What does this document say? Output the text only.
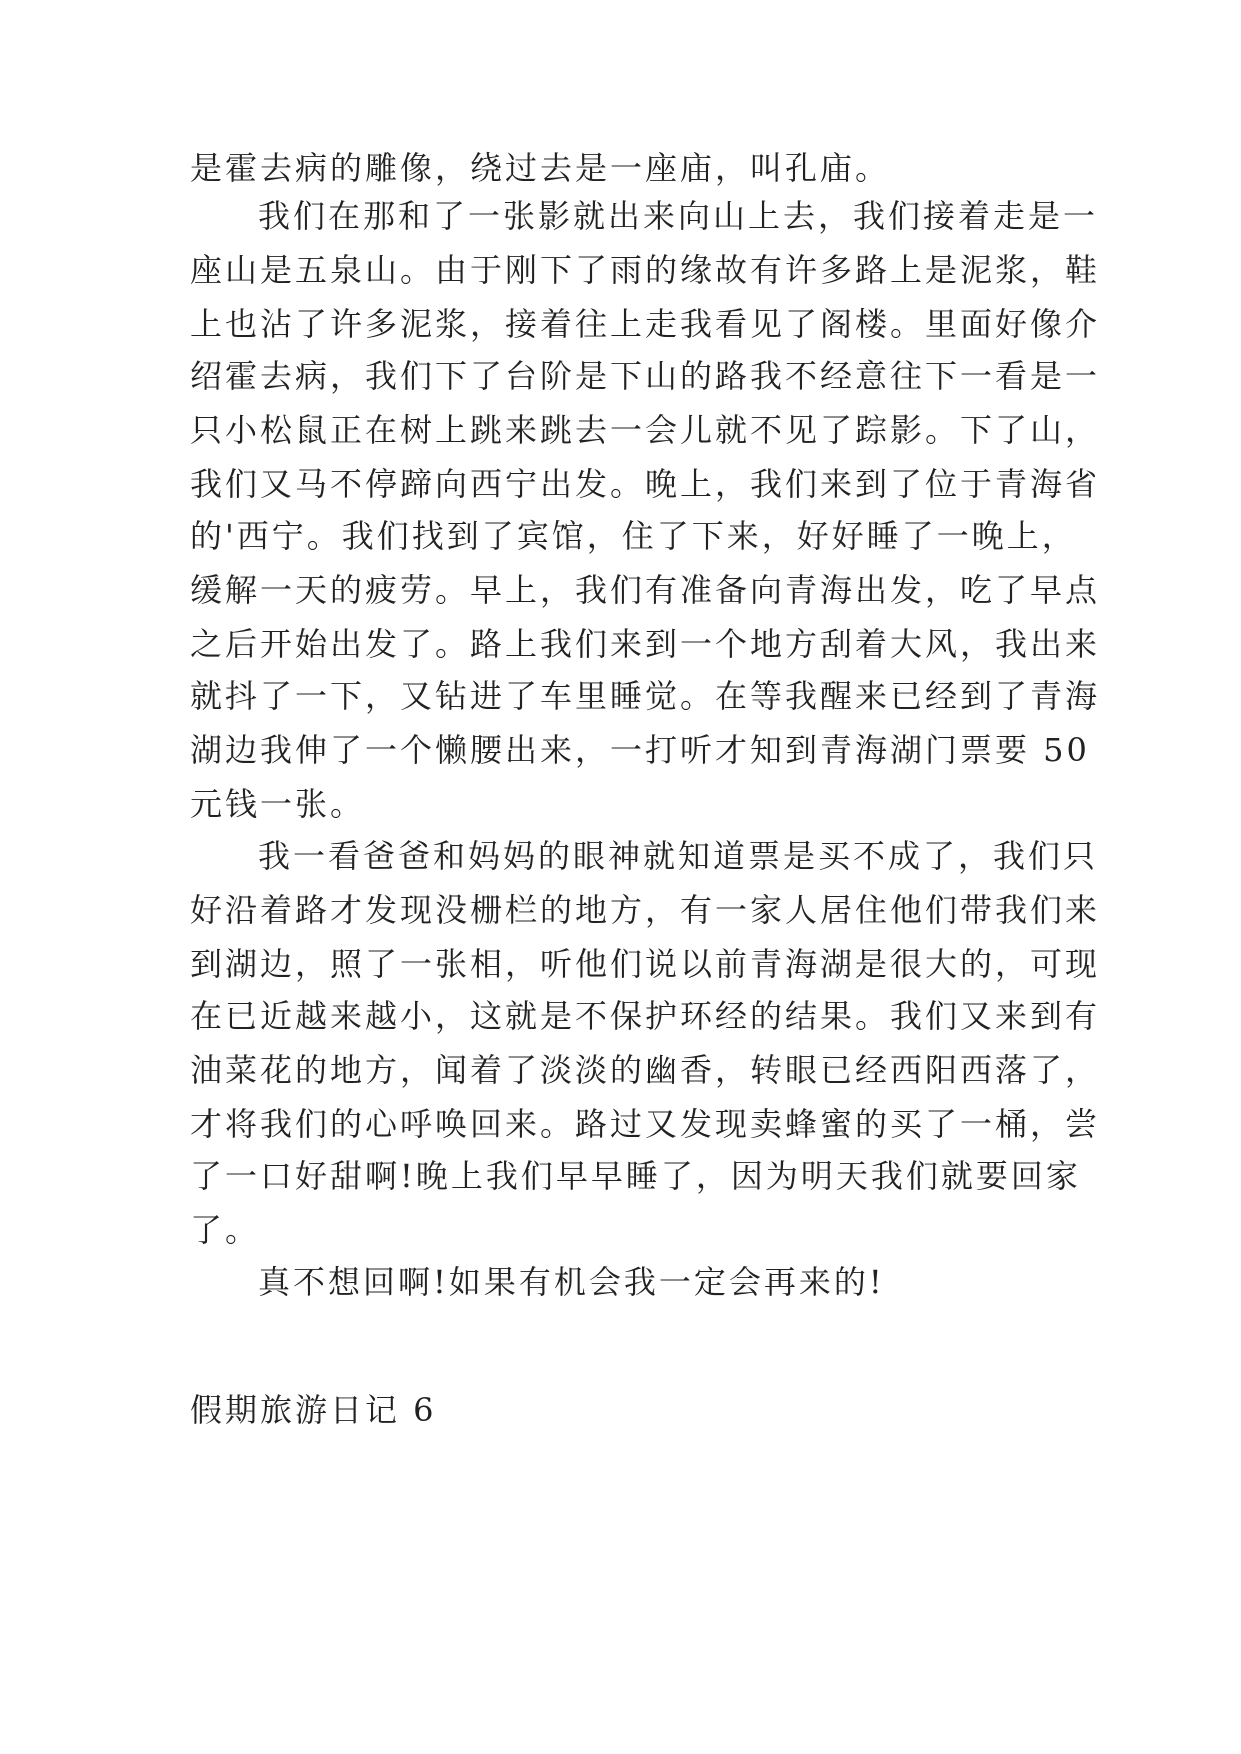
是霍去病的雕像，绕过去是一座庙，叫孔庙。

我们在那和了一张影就出来向山上去，我们接着走是一

座山是五泉山。由于刚下了雨的缘故有许多路上是泥浆，鞋

上也沾了许多泥浆，接着往上走我看见了阁楼。里面好像介

绍霍去病，我们下了台阶是下山的路我不经意往下一看是一

只小松鼠正在树上跳来跳去一会儿就不见了踪影。下了山，

我们又马不停蹄向西宁出发。晚上，我们来到了位于青海省

的'西宁。我们找到了宾馆，住了下来，好好睡了一晚上，

缓解一天的疲劳。早上，我们有准备向青海出发，吃了早点

之后开始出发了。路上我们来到一个地方刮着大风，我出来

就抖了一下，又钻进了车里睡觉。在等我醒来已经到了青海

湖边我伸了一个懒腰出来，一打听才知到青海湖门票要 50

元钱一张。

我一看爸爸和妈妈的眼神就知道票是买不成了，我们只

好沿着路才发现没栅栏的地方，有一家人居住他们带我们来

到湖边，照了一张相，听他们说以前青海湖是很大的，可现

在已近越来越小，这就是不保护环经的结果。我们又来到有

油菜花的地方，闻着了淡淡的幽香，转眼已经西阳西落了，

才将我们的心呼唤回来。路过又发现卖蜂蜜的买了一桶，尝

了一口好甜啊!晚上我们早早睡了，因为明天我们就要回家

了。

真不想回啊!如果有机会我一定会再来的!

假期旅游日记 6
